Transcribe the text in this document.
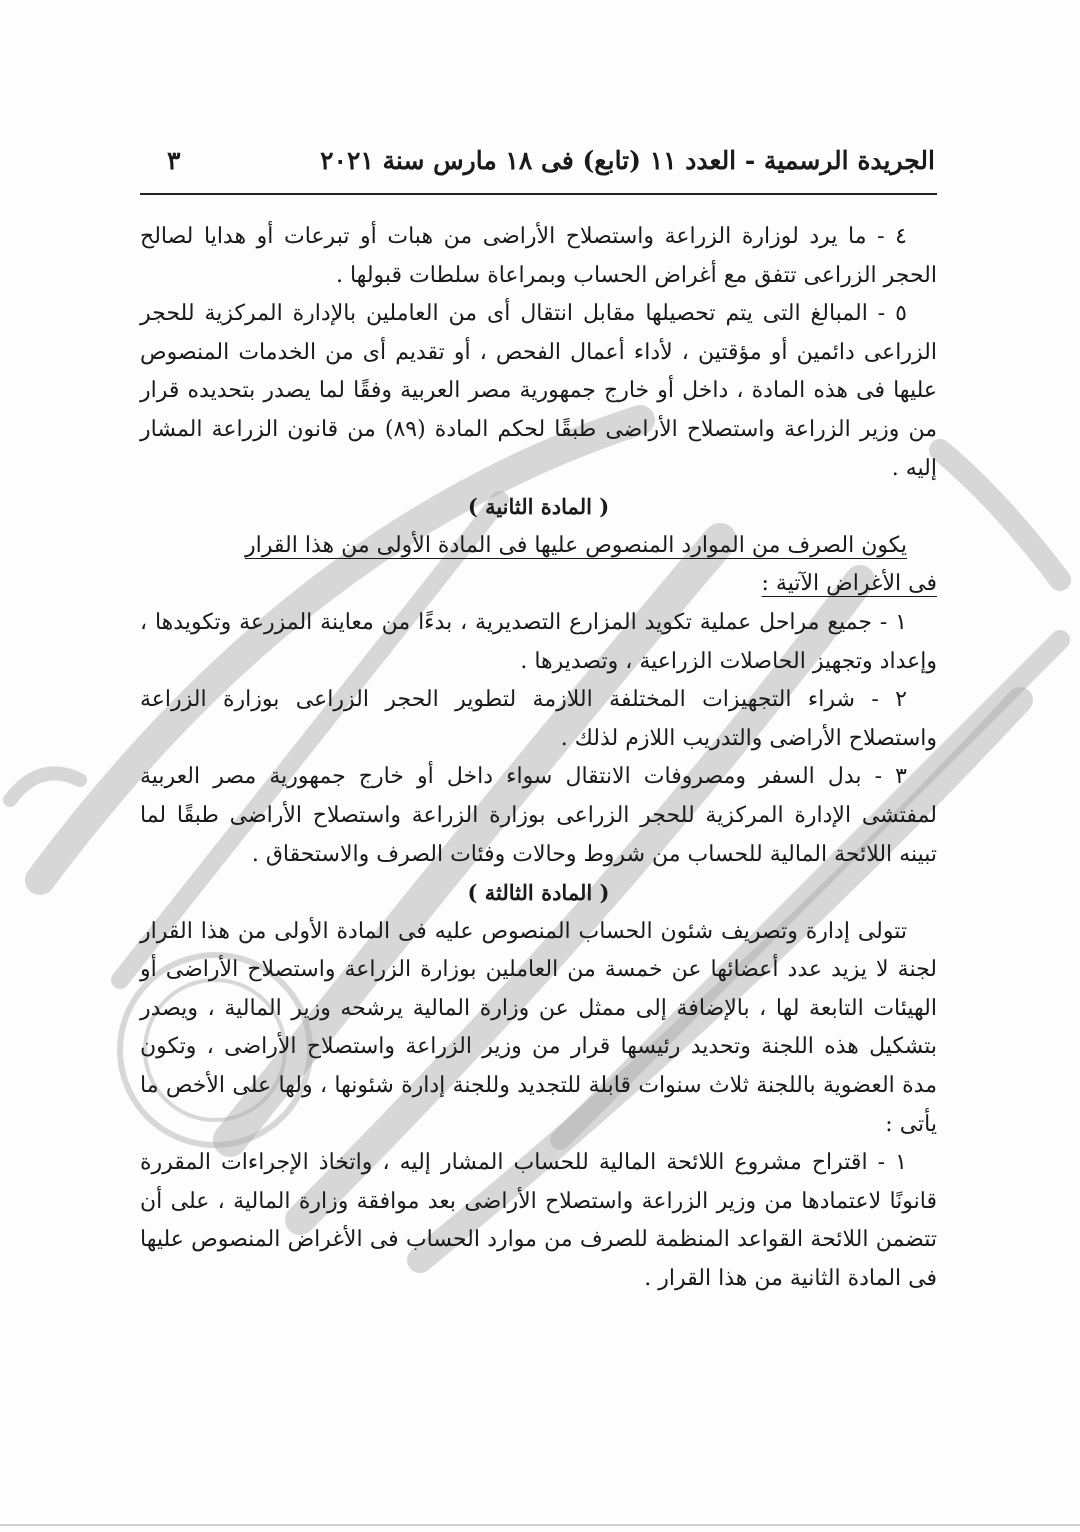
الجريدة الرسمية - العدد ١١ (تابع) فى ١٨ مارس سنة ٢٠٢١
٣

٤ - ما يرد لوزارة الزراعة واستصلاح الأراضى من هبات أو تبرعات أو هدايا لصالح الحجر الزراعى تتفق مع أغراض الحساب وبمراعاة سلطات قبولها .

٥ - المبالغ التى يتم تحصيلها مقابل انتقال أى من العاملين بالإدارة المركزية للحجر الزراعى دائمين أو مؤقتين ، لأداء أعمال الفحص ، أو تقديم أى من الخدمات المنصوص عليها فى هذه المادة ، داخل أو خارج جمهورية مصر العربية وفقًا لما يصدر بتحديده قرار من وزير الزراعة واستصلاح الأراضى طبقًا لحكم المادة (٨٩) من قانون الزراعة المشار إليه .

( المادة الثانية )

يكون الصرف من الموارد المنصوص عليها فى المادة الأولى من هذا القرار

فى الأغراض الآتية :

١ - جميع مراحل عملية تكويد المزارع التصديرية ، بدءًا من معاينة المزرعة وتكويدها ، وإعداد وتجهيز الحاصلات الزراعية ، وتصديرها .

٢ - شراء التجهيزات المختلفة اللازمة لتطوير الحجر الزراعى بوزارة الزراعة واستصلاح الأراضى والتدريب اللازم لذلك .

٣ - بدل السفر ومصروفات الانتقال سواء داخل أو خارج جمهورية مصر العربية لمفتشى الإدارة المركزية للحجر الزراعى بوزارة الزراعة واستصلاح الأراضى طبقًا لما تبينه اللائحة المالية للحساب من شروط وحالات وفئات الصرف والاستحقاق .

( المادة الثالثة )

تتولى إدارة وتصريف شئون الحساب المنصوص عليه فى المادة الأولى من هذا القرار لجنة لا يزيد عدد أعضائها عن خمسة من العاملين بوزارة الزراعة واستصلاح الأراضى أو الهيئات التابعة لها ، بالإضافة إلى ممثل عن وزارة المالية يرشحه وزير المالية ، ويصدر بتشكيل هذه اللجنة وتحديد رئيسها قرار من وزير الزراعة واستصلاح الأراضى ، وتكون مدة العضوية باللجنة ثلاث سنوات قابلة للتجديد وللجنة إدارة شئونها ، ولها على الأخص ما يأتى :

١ - اقتراح مشروع اللائحة المالية للحساب المشار إليه ، واتخاذ الإجراءات المقررة قانونًا لاعتمادها من وزير الزراعة واستصلاح الأراضى بعد موافقة وزارة المالية ، على أن تتضمن اللائحة القواعد المنظمة للصرف من موارد الحساب فى الأغراض المنصوص عليها فى المادة الثانية من هذا القرار .
